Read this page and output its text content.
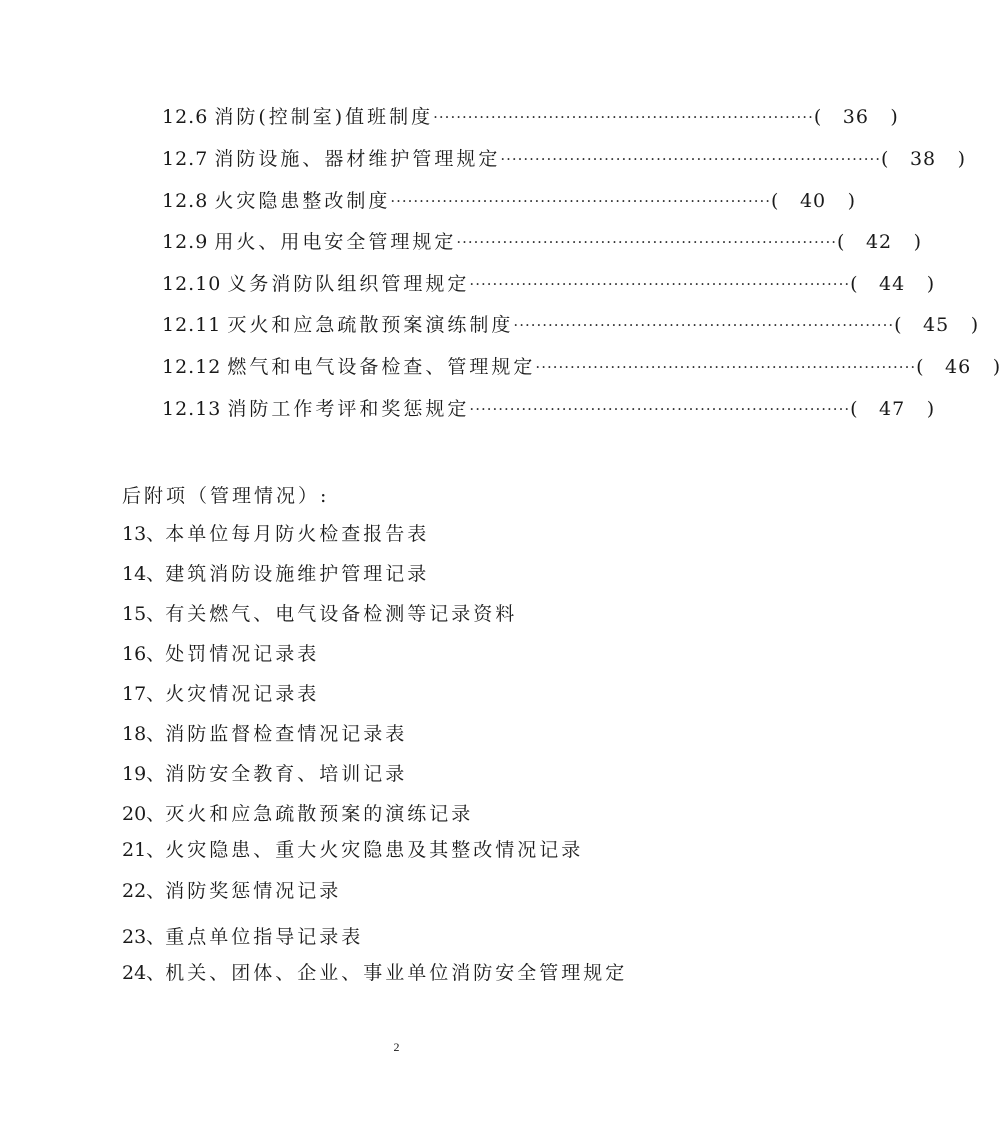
12.6 消防(控制室)值班制度 ·································································· (	36	)
12.7 消防设施、器材维护管理规定 ·································································· (	38	)
12.8 火灾隐患整改制度 ·································································· (	40	)
12.9 用火、用电安全管理规定 ·································································· (	42	)
12.10 义务消防队组织管理规定 ·································································· (	44	)
12.11 灭火和应急疏散预案演练制度 ·································································· (	45	)
12.12 燃气和电气设备检查、管理规定 ·································································· (	46	)
12.13 消防工作考评和奖惩规定 ·································································· (	47	)
后附项（管理情况）:
13、本单位每月防火检查报告表
14、建筑消防设施维护管理记录
15、有关燃气、电气设备检测等记录资料
16、处罚情况记录表
17、火灾情况记录表
18、消防监督检查情况记录表
19、消防安全教育、培训记录
20、灭火和应急疏散预案的演练记录
21、火灾隐患、重大火灾隐患及其整改情况记录
22、消防奖惩情况记录
23、重点单位指导记录表
24、机关、团体、企业、事业单位消防安全管理规定
2
